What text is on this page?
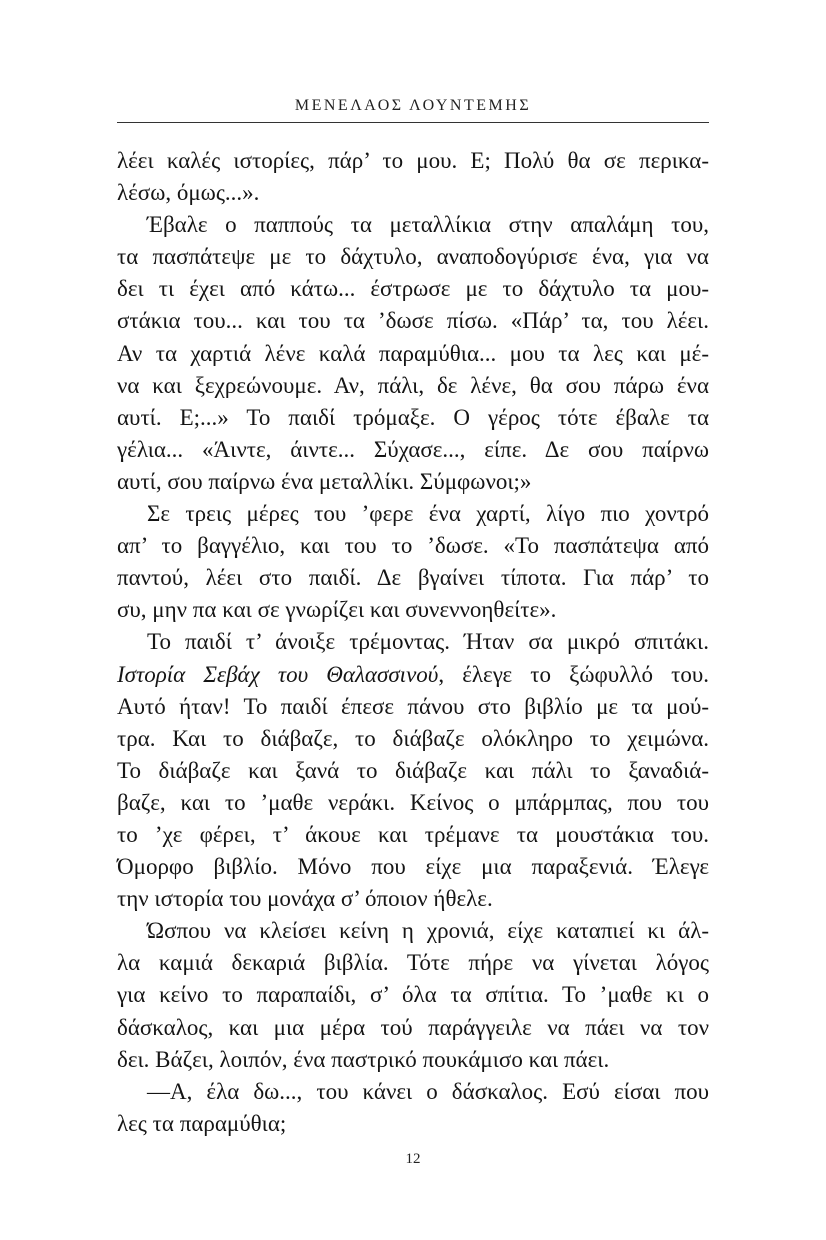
ΜΕΝΕΛΑΟΣ ΛΟΥΝΤΕΜΗΣ
λέει καλές ιστορίες, πάρ’ το μου. Ε; Πολύ θα σε περικα-
λέσω, όμως...».
Έβαλε ο παππούς τα μεταλλίκια στην απαλάμη του,
τα πασπάτεψε με το δάχτυλο, αναποδογύρισε ένα, για να
δει τι έχει από κάτω... έστρωσε με το δάχτυλο τα μου-
στάκια του... και του τα ’δωσε πίσω. «Πάρ’ τα, του λέει.
Αν τα χαρτιά λένε καλά παραμύθια... μου τα λες και μέ-
να και ξεχρεώνουμε. Αν, πάλι, δε λένε, θα σου πάρω ένα
αυτί. Ε;...» Το παιδί τρόμαξε. Ο γέρος τότε έβαλε τα
γέλια... «Άιντε, άιντε... Σύχασε..., είπε. Δε σου παίρνω
αυτί, σου παίρνω ένα μεταλλίκι. Σύμφωνοι;»
Σε τρεις μέρες του ’φερε ένα χαρτί, λίγο πιο χοντρό
απ’ το βαγγέλιο, και του το ’δωσε. «Το πασπάτεψα από
παντού, λέει στο παιδί. Δε βγαίνει τίποτα. Για πάρ’ το
συ, μην πα και σε γνωρίζει και συνεννοηθείτε».
Το παιδί τ’ άνοιξε τρέμοντας. Ήταν σα μικρό σπιτάκι.
Ιστορία Σεβάχ του Θαλασσινού, έλεγε το ξώφυλλό του.
Αυτό ήταν! Το παιδί έπεσε πάνου στο βιβλίο με τα μού-
τρα. Και το διάβαζε, το διάβαζε ολόκληρο το χειμώνα.
Το διάβαζε και ξανά το διάβαζε και πάλι το ξαναδιά-
βαζε, και το ’μαθε νεράκι. Κείνος ο μπάρμπας, που του
το ’χε φέρει, τ’ άκουε και τρέμανε τα μουστάκια του.
Όμορφο βιβλίο. Μόνο που είχε μια παραξενιά. Έλεγε
την ιστορία του μονάχα σ’ όποιον ήθελε.
Ώσπου να κλείσει κείνη η χρονιά, είχε καταπιεί κι άλ-
λα καμιά δεκαριά βιβλία. Τότε πήρε να γίνεται λόγος
για κείνο το παραπαίδι, σ’ όλα τα σπίτια. Το ’μαθε κι ο
δάσκαλος, και μια μέρα τού παράγγειλε να πάει να τον
δει. Βάζει, λοιπόν, ένα παστρικό πουκάμισο και πάει.
—Α, έλα δω..., του κάνει ο δάσκαλος. Εσύ είσαι που
λες τα παραμύθια;
12
